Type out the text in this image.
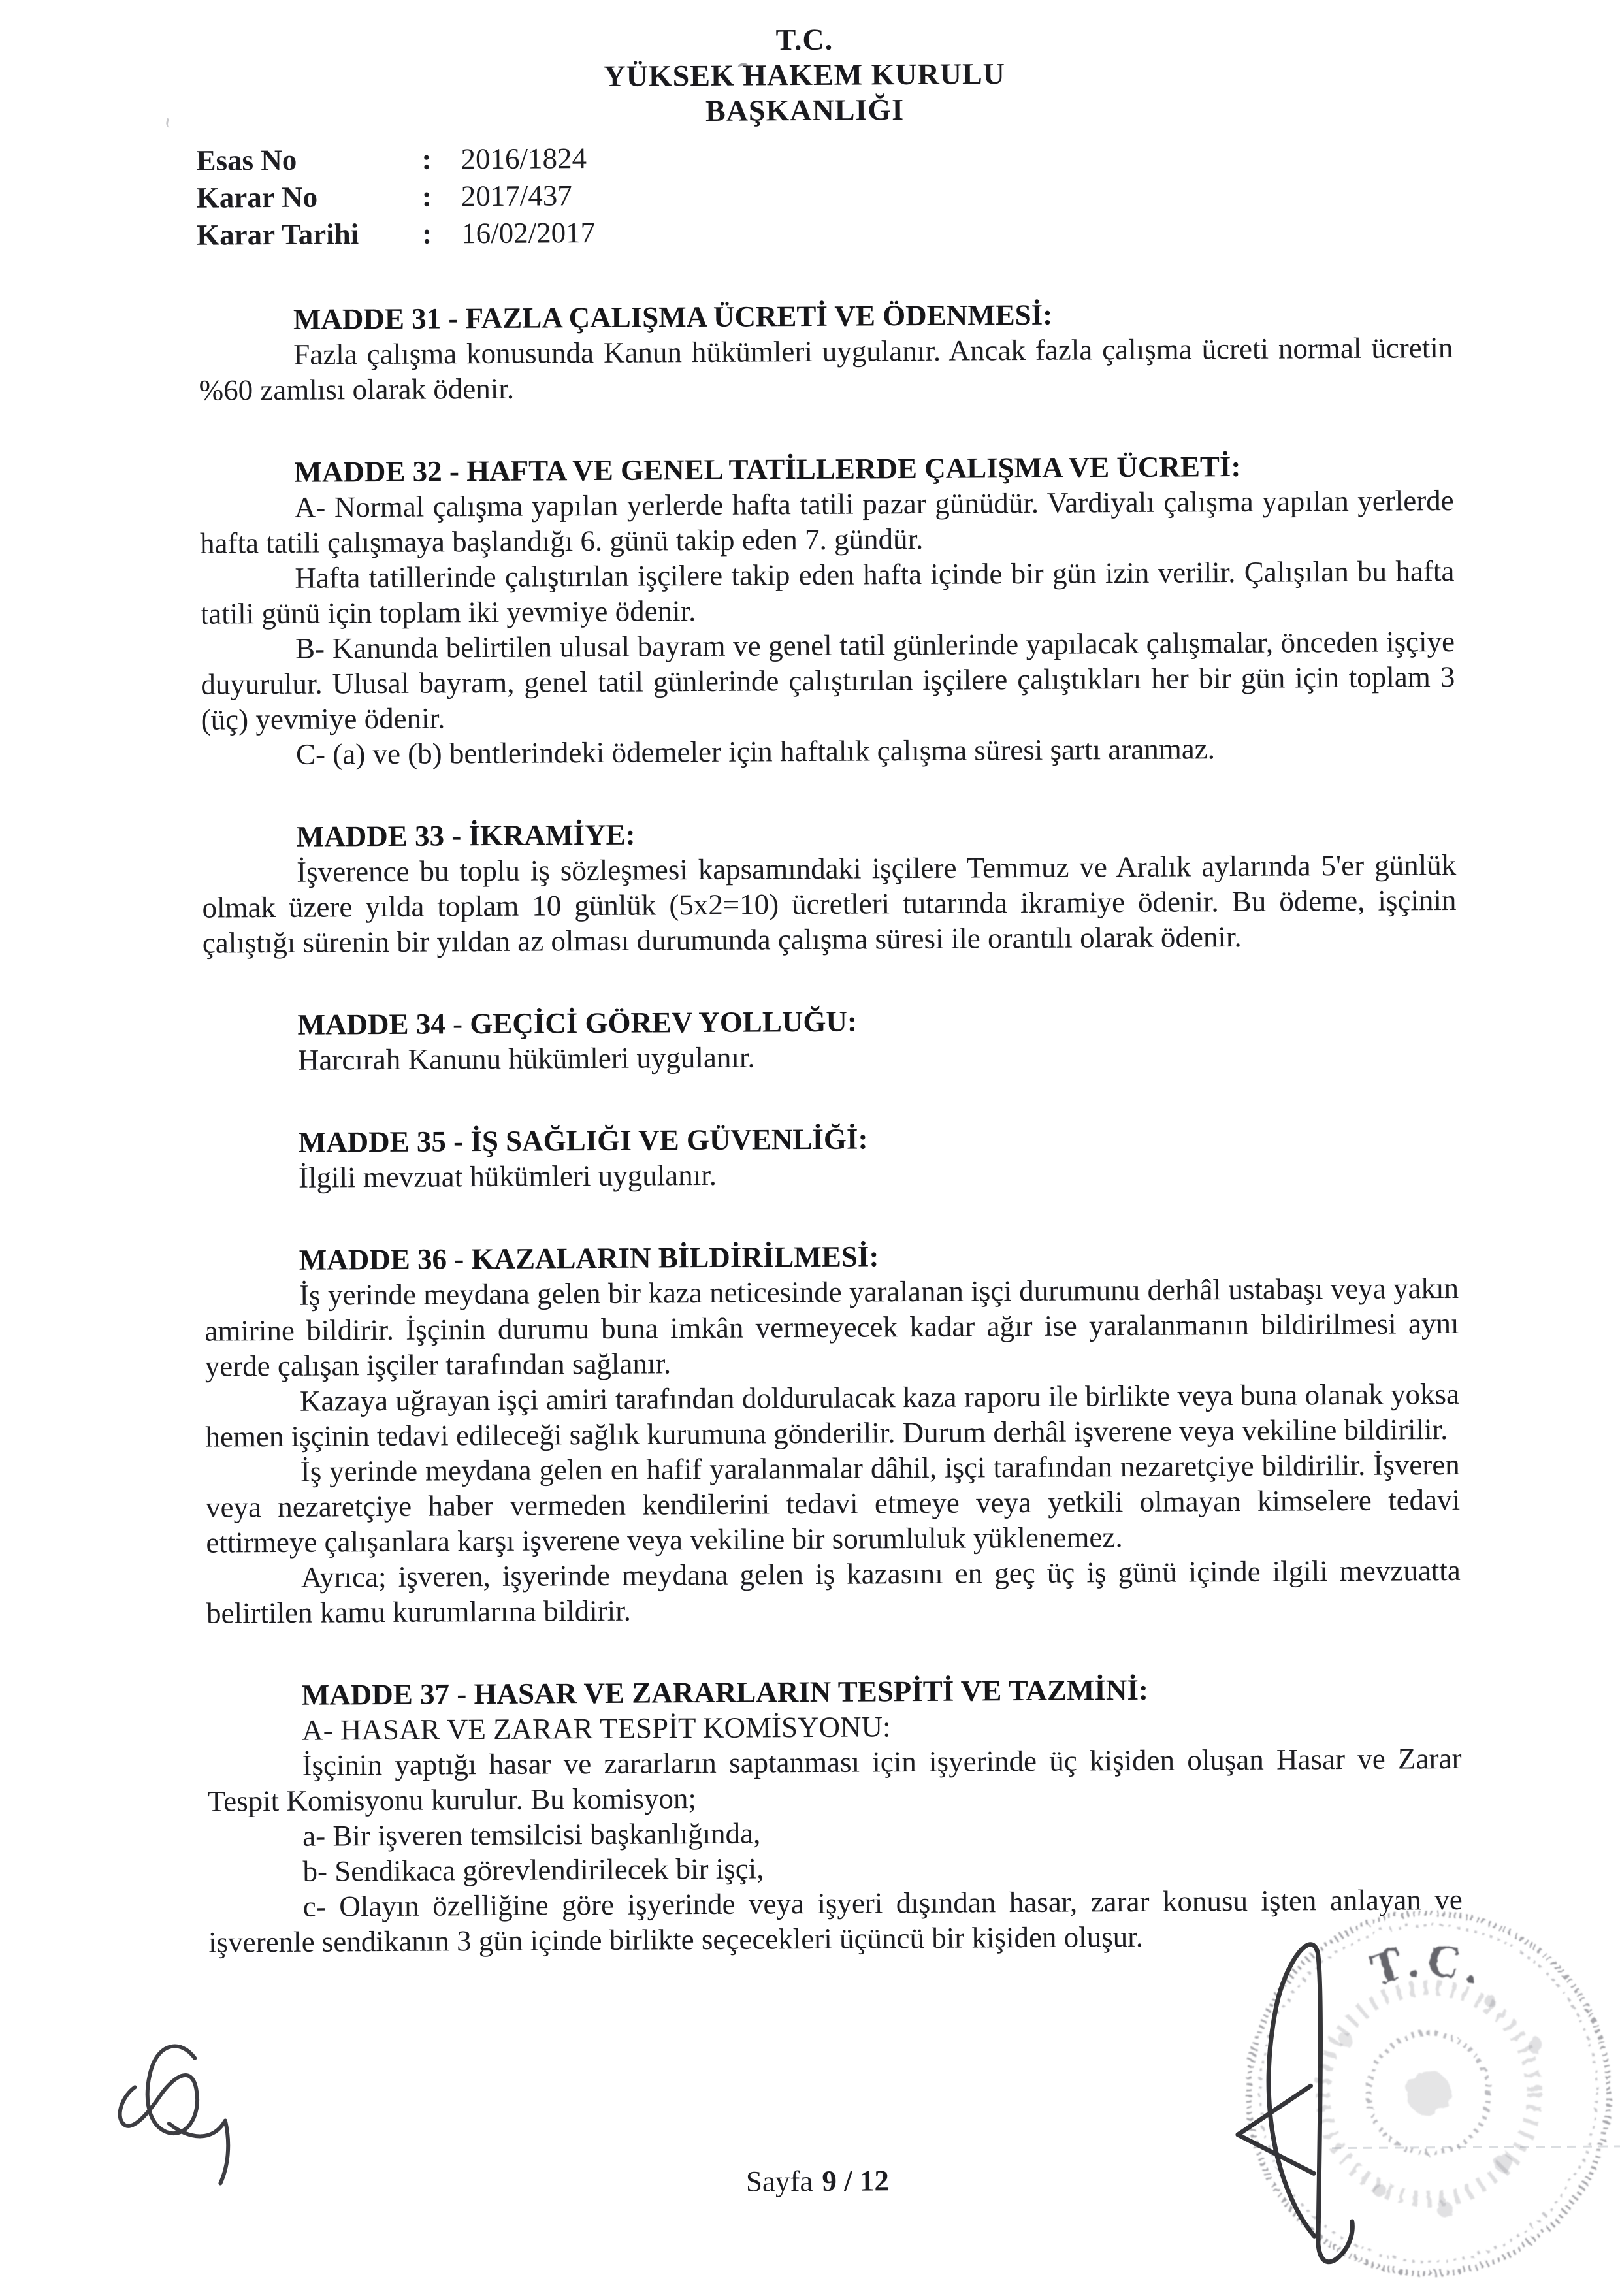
T.C.
YÜKSEK HAKEM KURULU
BAŞKANLIĞI
Esas No	: 2016/1824
Karar No	: 2017/437
Karar Tarihi	: 16/02/2017
MADDE 31 - FAZLA ÇALIŞMA ÜCRETİ VE ÖDENMESİ:

Fazla çalışma konusunda Kanun hükümleri uygulanır. Ancak fazla çalışma ücreti normal ücretin %60 zamlısı olarak ödenir.

MADDE 32 - HAFTA VE GENEL TATİLLERDE ÇALIŞMA VE ÜCRETİ:

A- Normal çalışma yapılan yerlerde hafta tatili pazar günüdür. Vardiyalı çalışma yapılan yerlerde hafta tatili çalışmaya başlandığı 6. günü takip eden 7. gündür.

Hafta tatillerinde çalıştırılan işçilere takip eden hafta içinde bir gün izin verilir. Çalışılan bu hafta tatili günü için toplam iki yevmiye ödenir.

B- Kanunda belirtilen ulusal bayram ve genel tatil günlerinde yapılacak çalışmalar, önceden işçiye duyurulur. Ulusal bayram, genel tatil günlerinde çalıştırılan işçilere çalıştıkları her bir gün için toplam 3 (üç) yevmiye ödenir.

C- (a) ve (b) bentlerindeki ödemeler için haftalık çalışma süresi şartı aranmaz.

MADDE 33 - İKRAMİYE:

İşverence bu toplu iş sözleşmesi kapsamındaki işçilere Temmuz ve Aralık aylarında 5'er günlük olmak üzere yılda toplam 10 günlük (5x2=10) ücretleri tutarında ikramiye ödenir. Bu ödeme, işçinin çalıştığı sürenin bir yıldan az olması durumunda çalışma süresi ile orantılı olarak ödenir.

MADDE 34 - GEÇİCİ GÖREV YOLLUĞU:

Harcırah Kanunu hükümleri uygulanır.

MADDE 35 - İŞ SAĞLIĞI VE GÜVENLİĞİ:

İlgili mevzuat hükümleri uygulanır.

MADDE 36 - KAZALARIN BİLDİRİLMESİ:

İş yerinde meydana gelen bir kaza neticesinde yaralanan işçi durumunu derhâl ustabaşı veya yakın amirine bildirir. İşçinin durumu buna imkân vermeyecek kadar ağır ise yaralanmanın bildirilmesi aynı yerde çalışan işçiler tarafından sağlanır.

Kazaya uğrayan işçi amiri tarafından doldurulacak kaza raporu ile birlikte veya buna olanak yoksa hemen işçinin tedavi edileceği sağlık kurumuna gönderilir. Durum derhâl işverene veya vekiline bildirilir.

İş yerinde meydana gelen en hafif yaralanmalar dâhil, işçi tarafından nezaretçiye bildirilir. İşveren veya nezaretçiye haber vermeden kendilerini tedavi etmeye veya yetkili olmayan kimselere tedavi ettirmeye çalışanlara karşı işverene veya vekiline bir sorumluluk yüklenemez.

Ayrıca; işveren, işyerinde meydana gelen iş kazasını en geç üç iş günü içinde ilgili mevzuatta belirtilen kamu kurumlarına bildirir.

MADDE 37 - HASAR VE ZARARLARIN TESPİTİ VE TAZMİNİ:

A- HASAR VE ZARAR TESPİT KOMİSYONU:

İşçinin yaptığı hasar ve zararların saptanması için işyerinde üç kişiden oluşan Hasar ve Zarar Tespit Komisyonu kurulur. Bu komisyon;

a- Bir işveren temsilcisi başkanlığında,

b- Sendikaca görevlendirilecek bir işçi,

c- Olayın özelliğine göre işyerinde veya işyeri dışından hasar, zarar konusu işten anlayan ve işverenle sendikanın 3 gün içinde birlikte seçecekleri üçüncü bir kişiden oluşur.

Sayfa 9 / 12
T.C.
